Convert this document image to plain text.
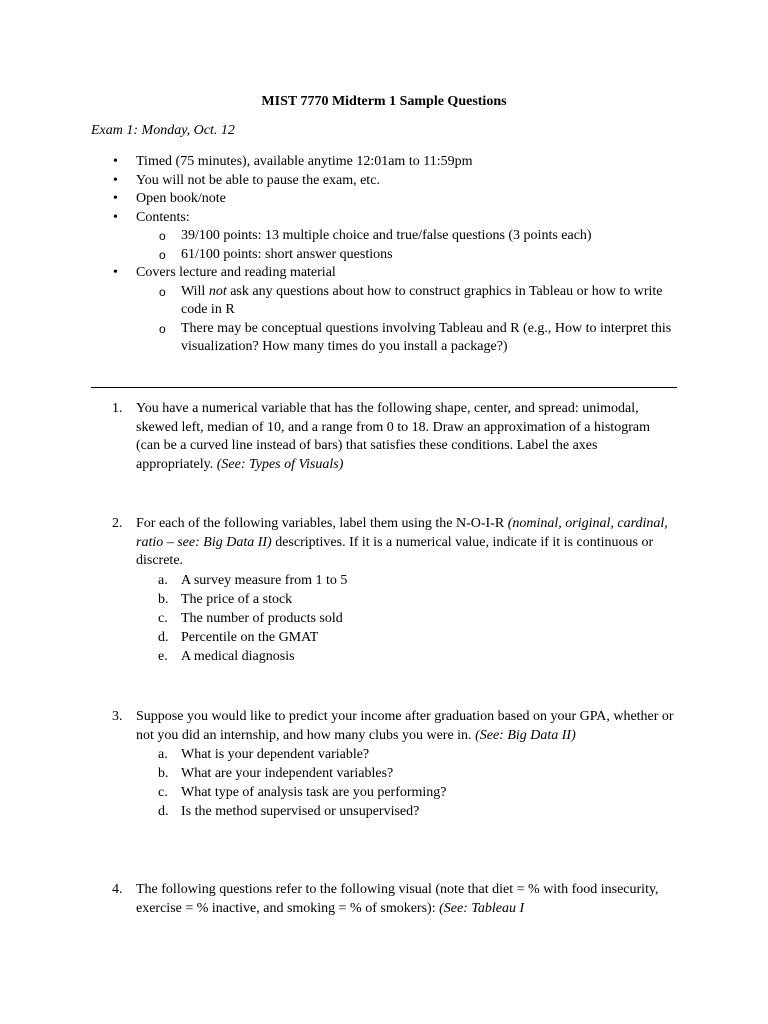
MIST 7770 Midterm 1 Sample Questions
Exam 1: Monday, Oct. 12
• Timed (75 minutes), available anytime 12:01am to 11:59pm
• You will not be able to pause the exam, etc.
• Open book/note
• Contents:
o 39/100 points: 13 multiple choice and true/false questions (3 points each)
o 61/100 points: short answer questions
• Covers lecture and reading material
o Will not ask any questions about how to construct graphics in Tableau or how to write code in R
o There may be conceptual questions involving Tableau and R (e.g., How to interpret this visualization? How many times do you install a package?)
1. You have a numerical variable that has the following shape, center, and spread: unimodal, skewed left, median of 10, and a range from 0 to 18. Draw an approximation of a histogram (can be a curved line instead of bars) that satisfies these conditions. Label the axes appropriately. (See: Types of Visuals)
2. For each of the following variables, label them using the N-O-I-R (nominal, original, cardinal, ratio – see: Big Data II) descriptives. If it is a numerical value, indicate if it is continuous or discrete.
a. A survey measure from 1 to 5
b. The price of a stock
c. The number of products sold
d. Percentile on the GMAT
e. A medical diagnosis
3. Suppose you would like to predict your income after graduation based on your GPA, whether or not you did an internship, and how many clubs you were in. (See: Big Data II)
a. What is your dependent variable?
b. What are your independent variables?
c. What type of analysis task are you performing?
d. Is the method supervised or unsupervised?
4. The following questions refer to the following visual (note that diet = % with food insecurity, exercise = % inactive, and smoking = % of smokers): (See: Tableau I
